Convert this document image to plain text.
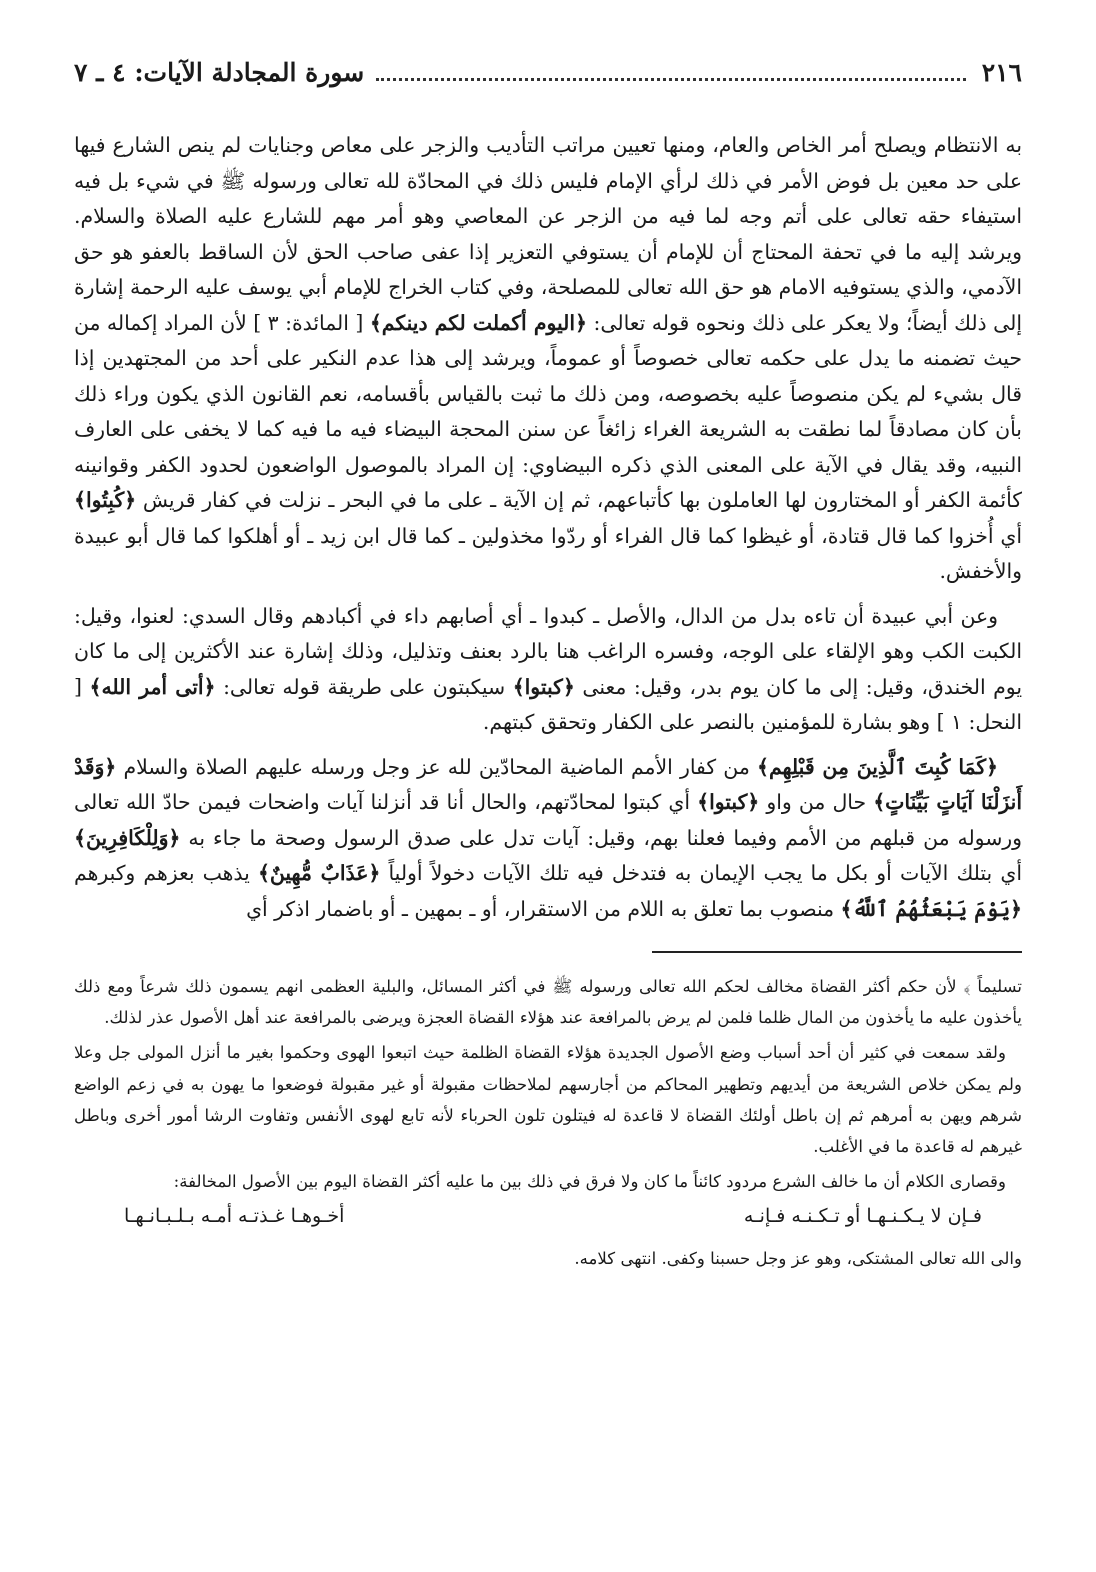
٢١٦
سورة المجادلة الآيات: ٤ ـ ٧

به الانتظام ويصلح أمر الخاص والعام، ومنها تعيين مراتب التأديب والزجر على معاص وجنايات لم ينص الشارع فيها على حد معين بل فوض الأمر في ذلك لرأي الإمام فليس ذلك في المحادّة لله تعالى ورسوله ﷺ في شيء بل فيه استيفاء حقه تعالى على أتم وجه لما فيه من الزجر عن المعاصي وهو أمر مهم للشارع عليه الصلاة والسلام. ويرشد إليه ما في تحفة المحتاج أن للإمام أن يستوفي التعزير إذا عفى صاحب الحق لأن الساقط بالعفو هو حق الآدمي، والذي يستوفيه الامام هو حق الله تعالى للمصلحة، وفي كتاب الخراج للإمام أبي يوسف عليه الرحمة إشارة إلى ذلك أيضاً؛ ولا يعكر على ذلك ونحوه قوله تعالى: ﴿اليوم أكملت لكم دينكم﴾ [ المائدة: ٣ ] لأن المراد إكماله من حيث تضمنه ما يدل على حكمه تعالى خصوصاً أو عموماً، ويرشد إلى هذا عدم النكير على أحد من المجتهدين إذا قال بشيء لم يكن منصوصاً عليه بخصوصه، ومن ذلك ما ثبت بالقياس بأقسامه، نعم القانون الذي يكون وراء ذلك بأن كان مصادقاً لما نطقت به الشريعة الغراء زائغاً عن سنن المحجة البيضاء فيه ما فيه كما لا يخفى على العارف النبيه، وقد يقال في الآية على المعنى الذي ذكره البيضاوي: إن المراد بالموصول الواضعون لحدود الكفر وقوانينه كأئمة الكفر أو المختارون لها العاملون بها كأتباعهم، ثم إن الآية ـ على ما في البحر ـ نزلت في كفار قريش ﴿كُبِتُوا﴾ أي أُخزوا كما قال قتادة، أو غيظوا كما قال الفراء أو ردّوا مخذولين ـ كما قال ابن زيد ـ أو أهلكوا كما قال أبو عبيدة والأخفش.

وعن أبي عبيدة أن تاءه بدل من الدال، والأصل ـ كبدوا ـ أي أصابهم داء في أكبادهم وقال السدي: لعنوا، وقيل: الكبت الكب وهو الإلقاء على الوجه، وفسره الراغب هنا بالرد بعنف وتذليل، وذلك إشارة عند الأكثرين إلى ما كان يوم الخندق، وقيل: إلى ما كان يوم بدر، وقيل: معنى ﴿كبتوا﴾ سيكبتون على طريقة قوله تعالى: ﴿أتى أمر الله﴾ [ النحل: ١ ] وهو بشارة للمؤمنين بالنصر على الكفار وتحقق كبتهم.

﴿كَمَا كُبِتَ ٱلَّذِينَ مِن قَبْلِهِم﴾ من كفار الأمم الماضية المحادّين لله عز وجل ورسله عليهم الصلاة والسلام ﴿وَقَدْ أَنزَلْنَا آيَاتٍ بَيِّنَاتٍ﴾ حال من واو ﴿كبتوا﴾ أي كبتوا لمحادّتهم، والحال أنا قد أنزلنا آيات واضحات فيمن حادّ الله تعالى ورسوله من قبلهم من الأمم وفيما فعلنا بهم، وقيل: آيات تدل على صدق الرسول وصحة ما جاء به ﴿وَلِلْكَافِرِينَ﴾ أي بتلك الآيات أو بكل ما يجب الإيمان به فتدخل فيه تلك الآيات دخولاً أولياً ﴿عَذَابٌ مُّهِينٌ﴾ يذهب بعزهم وكبرهم ﴿يَوْمَ يَبْعَثُهُمُ ٱللَّهُ﴾ منصوب بما تعلق به اللام من الاستقرار، أو ـ بمهين ـ أو باضمار اذكر أي

تسليماً ﴾ لأن حكم أكثر القضاة مخالف لحكم الله تعالى ورسوله ﷺ في أكثر المسائل، والبلية العظمى انهم يسمون ذلك شرعاً ومع ذلك يأخذون عليه ما يأخذون من المال ظلما فلمن لم يرض بالمرافعة عند هؤلاء القضاة العجزة ويرضى بالمرافعة عند أهل الأصول عذر لذلك.

ولقد سمعت في كثير أن أحد أسباب وضع الأصول الجديدة هؤلاء القضاة الظلمة حيث اتبعوا الهوى وحكموا بغير ما أنزل المولى جل وعلا ولم يمكن خلاص الشريعة من أيديهم وتطهير المحاكم من أجارسهم لملاحظات مقبولة أو غير مقبولة فوضعوا ما يهون به في زعم الواضع شرهم ويهن به أمرهم ثم إن باطل أولئك القضاة لا قاعدة له فيتلون تلون الحرباء لأنه تابع لهوى الأنفس وتفاوت الرشا أمور أخرى وباطل غيرهم له قاعدة ما في الأغلب.

وقصارى الكلام أن ما خالف الشرع مردود كائناً ما كان ولا فرق في ذلك بين ما عليه أكثر القضاة اليوم بين الأصول المخالفة:

فـإن لا يـكـنـهـا أو تـكـنـه فـإنـه
أخـوهـا غـذتـه أمـه بـلـبـانـهـا

والى الله تعالى المشتكى، وهو عز وجل حسبنا وكفى. انتهى كلامه.
